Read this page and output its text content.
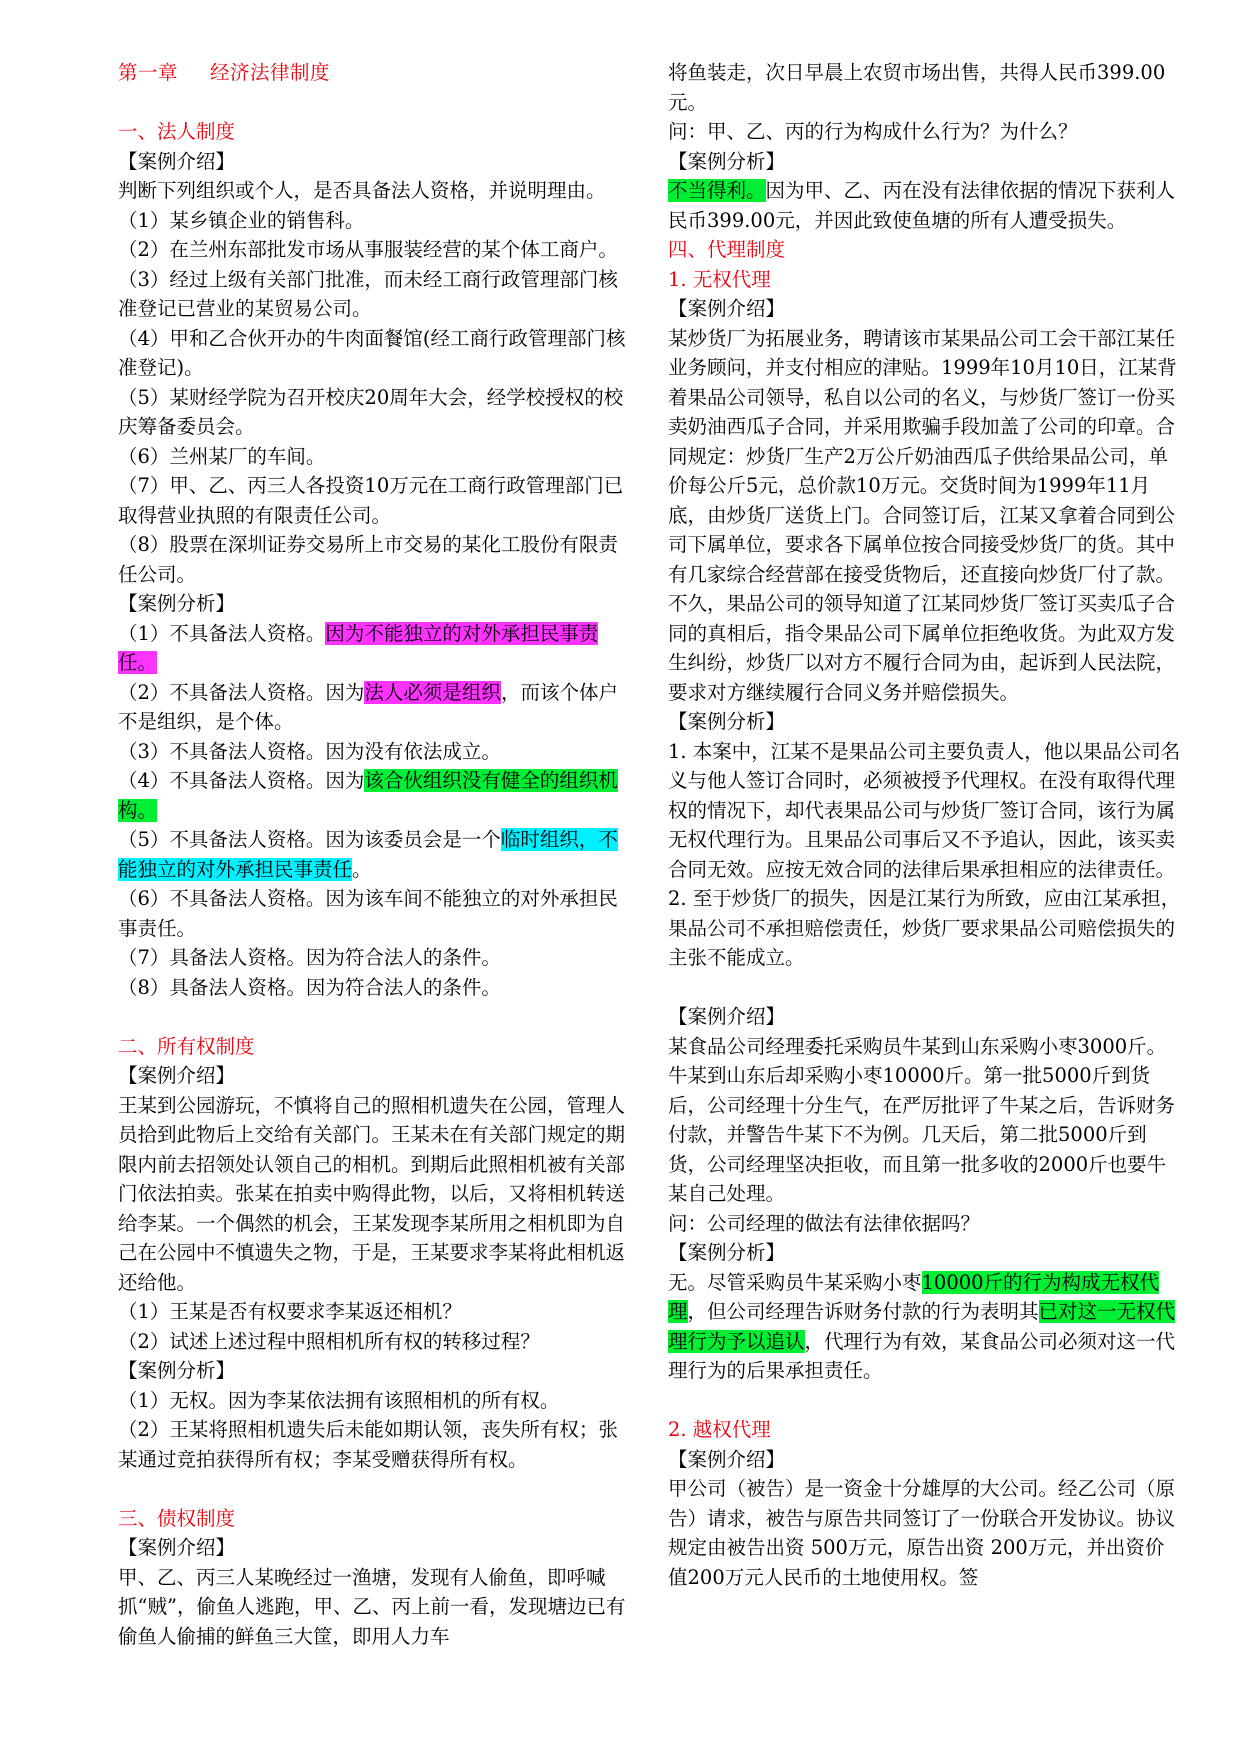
第一章 经济法律制度

一、法人制度

【案例介绍】

判断下列组织或个人，是否具备法人资格，并说明理由。

（1）某乡镇企业的销售科。

（2）在兰州东部批发市场从事服装经营的某个体工商户。

（3）经过上级有关部门批准，而未经工商行政管理部门核准登记已营业的某贸易公司。

（4）甲和乙合伙开办的牛肉面餐馆(经工商行政管理部门核准登记)。

（5）某财经学院为召开校庆20周年大会，经学校授权的校庆筹备委员会。

（6）兰州某厂的车间。

（7）甲、乙、丙三人各投资10万元在工商行政管理部门已取得营业执照的有限责任公司。

（8）股票在深圳证券交易所上市交易的某化工股份有限责任公司。

【案例分析】

（1）不具备法人资格。因为不能独立的对外承担民事责任。

（2）不具备法人资格。因为法人必须是组织，而该个体户不是组织，是个体。

（3）不具备法人资格。因为没有依法成立。

（4）不具备法人资格。因为该合伙组织没有健全的组织机构。

（5）不具备法人资格。因为该委员会是一个临时组织，不能独立的对外承担民事责任。

（6）不具备法人资格。因为该车间不能独立的对外承担民事责任。

（7）具备法人资格。因为符合法人的条件。

（8）具备法人资格。因为符合法人的条件。

二、所有权制度

【案例介绍】

王某到公园游玩，不慎将自己的照相机遗失在公园，管理人员拾到此物后上交给有关部门。王某未在有关部门规定的期限内前去招领处认领自己的相机。到期后此照相机被有关部门依法拍卖。张某在拍卖中购得此物，以后，又将相机转送给李某。一个偶然的机会，王某发现李某所用之相机即为自己在公园中不慎遗失之物，于是，王某要求李某将此相机返还给他。

（1）王某是否有权要求李某返还相机？

（2）试述上述过程中照相机所有权的转移过程？

【案例分析】

（1）无权。因为李某依法拥有该照相机的所有权。

（2）王某将照相机遗失后未能如期认领，丧失所有权；张某通过竞拍获得所有权；李某受赠获得所有权。

三、债权制度

【案例介绍】

甲、乙、丙三人某晚经过一渔塘，发现有人偷鱼，即呼喊抓“贼”，偷鱼人逃跑，甲、乙、丙上前一看，发现塘边已有偷鱼人偷捕的鲜鱼三大筐，即用人力车

将鱼装走，次日早晨上农贸市场出售，共得人民币399.00元。

问：甲、乙、丙的行为构成什么行为？为什么？

【案例分析】

不当得利。因为甲、乙、丙在没有法律依据的情况下获利人民币399.00元，并因此致使鱼塘的所有人遭受损失。

四、代理制度

1. 无权代理

【案例介绍】

某炒货厂为拓展业务，聘请该市某果品公司工会干部江某任业务顾问，并支付相应的津贴。1999年10月10日，江某背着果品公司领导，私自以公司的名义，与炒货厂签订一份买卖奶油西瓜子合同，并采用欺骗手段加盖了公司的印章。合同规定：炒货厂生产2万公斤奶油西瓜子供给果品公司，单价每公斤5元，总价款10万元。交货时间为1999年11月底，由炒货厂送货上门。合同签订后，江某又拿着合同到公司下属单位，要求各下属单位按合同接受炒货厂的货。其中有几家综合经营部在接受货物后，还直接向炒货厂付了款。不久，果品公司的领导知道了江某同炒货厂签订买卖瓜子合同的真相后，指令果品公司下属单位拒绝收货。为此双方发生纠纷，炒货厂以对方不履行合同为由，起诉到人民法院，要求对方继续履行合同义务并赔偿损失。

【案例分析】

1. 本案中，江某不是果品公司主要负责人，他以果品公司名义与他人签订合同时，必须被授予代理权。在没有取得代理权的情况下，却代表果品公司与炒货厂签订合同，该行为属无权代理行为。且果品公司事后又不予追认，因此，该买卖合同无效。应按无效合同的法律后果承担相应的法律责任。

2. 至于炒货厂的损失，因是江某行为所致，应由江某承担，果品公司不承担赔偿责任，炒货厂要求果品公司赔偿损失的主张不能成立。

【案例介绍】

某食品公司经理委托采购员牛某到山东采购小枣3000斤。牛某到山东后却采购小枣10000斤。第一批5000斤到货后，公司经理十分生气，在严厉批评了牛某之后，告诉财务付款，并警告牛某下不为例。几天后，第二批5000斤到货，公司经理坚决拒收，而且第一批多收的2000斤也要牛某自己处理。

问：公司经理的做法有法律依据吗？

【案例分析】

无。尽管采购员牛某采购小枣10000斤的行为构成无权代理，但公司经理告诉财务付款的行为表明其已对这一无权代理行为予以追认，代理行为有效，某食品公司必须对这一代理行为的后果承担责任。

2. 越权代理

【案例介绍】

甲公司（被告）是一资金十分雄厚的大公司。经乙公司（原告）请求，被告与原告共同签订了一份联合开发协议。协议规定由被告出资 500万元，原告出资 200万元，并出资价值200万元人民币的土地使用权。签
